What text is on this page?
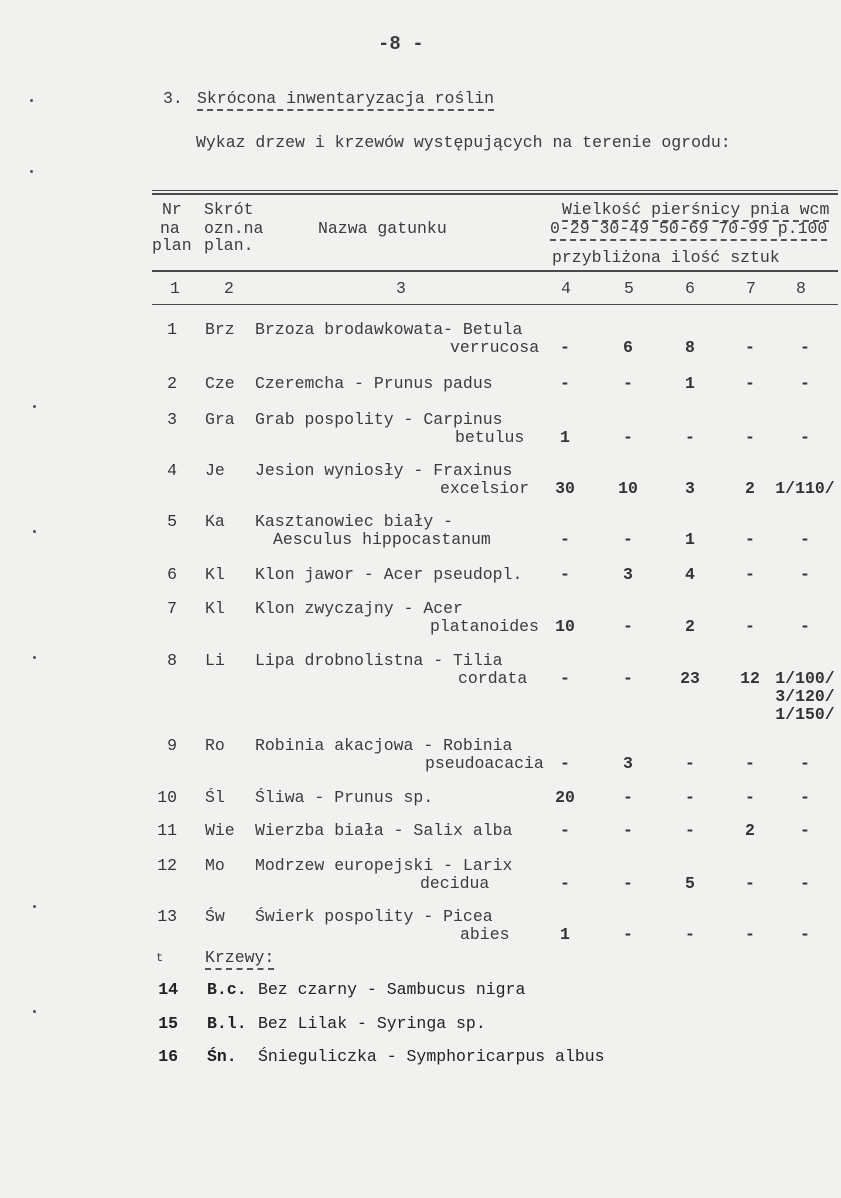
-8 -
3. Skrócona inwentaryzacja roślin
Wykaz drzew i krzewów występujących na terenie ogrodu:
Nr
na
plan
Skrót
ozn.na
plan.
Nazwa gatunku
Wielkość pierśnicy pnia wcm
0-29 30-49 50-69 70-99 p.100
przybliżona ilość sztuk
1	2	3	4	5	6	7 8
t	Krzewy:
1 Brz Brzoza brodawkowata- Betula
verrucosa	-	6	8	-	-
2 Cze Czeremcha - Prunus padus	-	-	1	-	-
3 Gra Grab pospolity - Carpinus
betulus	1	-	-	-	-
4 Je Jesion wyniosły - Fraxinus
excelsior	30	10	3	2	1/110/
5 Ka Kasztanowiec biały -
Aesculus hippocastanum	-	-	1	-	-
6 Kl Klon jawor - Acer pseudopl.	-	3	4	-	-
7 Kl Klon zwyczajny - Acer
platanoides 10	-	2	-	-
8 Li Lipa drobnolistna - Tilia
cordata	-	-	23	12 1/100/
3/120/
1/150/
9 Ro Robinia akacjowa - Robinia
pseudoacacia -	3	-	-	-
10 Śl Śliwa - Prunus sp.	20	-	-	-	-
11 Wie Wierzba biała - Salix alba	-	-	-	2	-
12 Mo Modrzew europejski - Larix
decidua	-	-	5	-	-
13 Św Świerk pospolity - Picea
abies	1	-	-	-	-
14 B.c. Bez czarny - Sambucus nigra
15 B.l. Bez Lilak - Syringa sp.
16 Śn. Śnieguliczka - Symphoricarpus albus
